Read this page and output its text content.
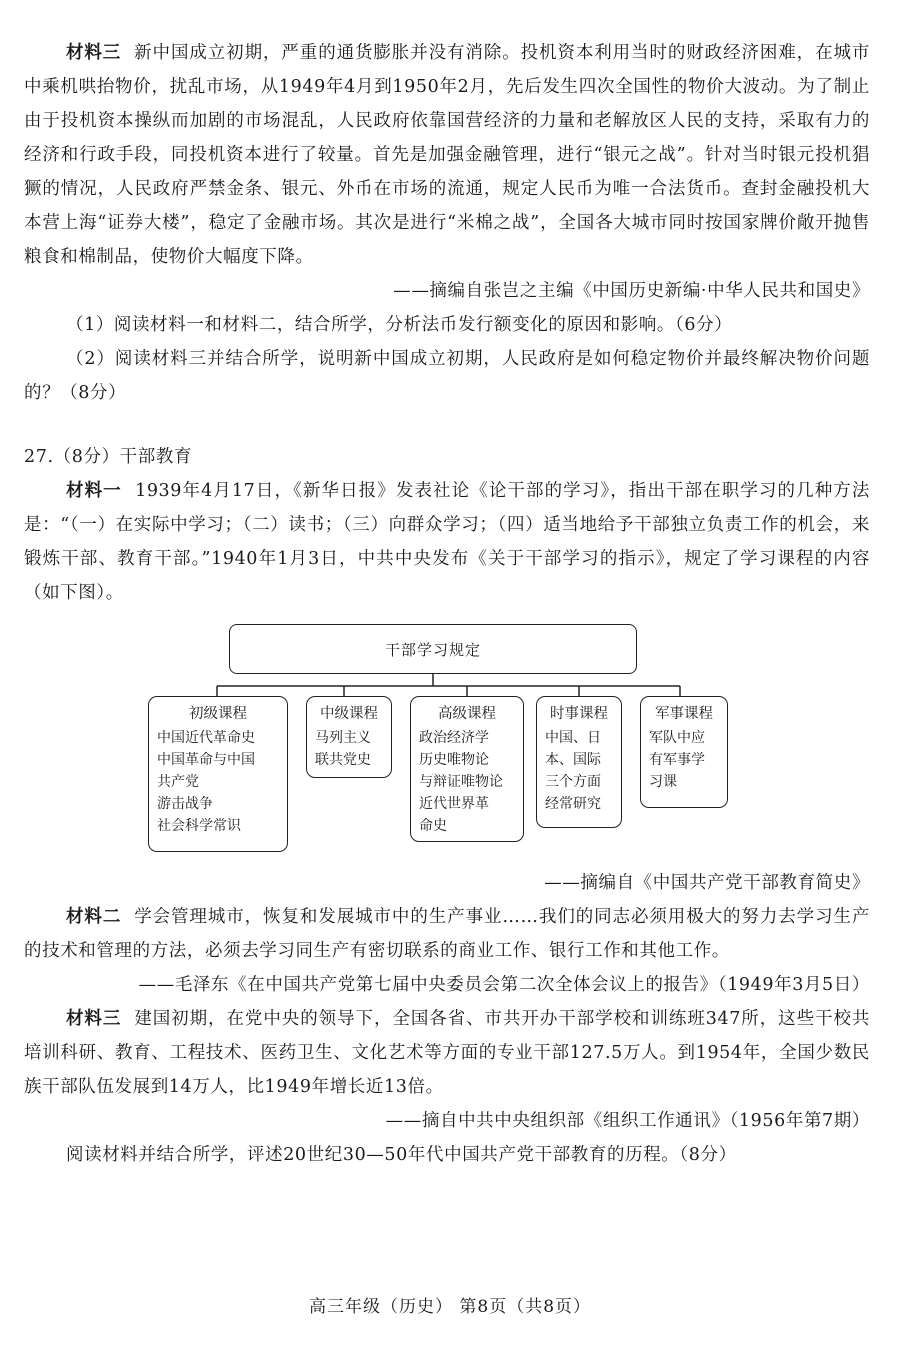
材料三 新中国成立初期，严重的通货膨胀并没有消除。投机资本利用当时的财政经济困难，在城市中乘机哄抬物价，扰乱市场，从1949年4月到1950年2月，先后发生四次全国性的物价大波动。为了制止由于投机资本操纵而加剧的市场混乱，人民政府依靠国营经济的力量和老解放区人民的支持，采取有力的经济和行政手段，同投机资本进行了较量。首先是加强金融管理，进行“银元之战”。针对当时银元投机猖獗的情况，人民政府严禁金条、银元、外币在市场的流通，规定人民币为唯一合法货币。查封金融投机大本营上海“证券大楼”，稳定了金融市场。其次是进行“米棉之战”，全国各大城市同时按国家牌价敞开抛售粮食和棉制品，使物价大幅度下降。

——摘编自张岂之主编《中国历史新编·中华人民共和国史》

（1）阅读材料一和材料二，结合所学，分析法币发行额变化的原因和影响。（6分）

（2）阅读材料三并结合所学，说明新中国成立初期，人民政府是如何稳定物价并最终解决物价问题的？（8分）

27.（8分）干部教育

材料一 1939年4月17日，《新华日报》发表社论《论干部的学习》，指出干部在职学习的几种方法是：“（一）在实际中学习；（二）读书；（三）向群众学习；（四）适当地给予干部独立负责工作的机会，来锻炼干部、教育干部。”1940年1月3日，中共中央发布《关于干部学习的指示》，规定了学习课程的内容（如下图）。

干部学习规定
初级课程
中国近代革命史
中国革命与中国
共产党
游击战争
社会科学常识
中级课程
马列主义
联共党史
高级课程
政治经济学
历史唯物论
与辩证唯物论
近代世界革
命史
时事课程
中国、日
本、国际
三个方面
经常研究
军事课程
军队中应
有军事学
习课
——摘编自《中国共产党干部教育简史》

材料二 学会管理城市，恢复和发展城市中的生产事业……我们的同志必须用极大的努力去学习生产的技术和管理的方法，必须去学习同生产有密切联系的商业工作、银行工作和其他工作。

——毛泽东《在中国共产党第七届中央委员会第二次全体会议上的报告》（1949年3月5日）

材料三 建国初期，在党中央的领导下，全国各省、市共开办干部学校和训练班347所，这些干校共培训科研、教育、工程技术、医药卫生、文化艺术等方面的专业干部127.5万人。到1954年，全国少数民族干部队伍发展到14万人，比1949年增长近13倍。

——摘自中共中央组织部《组织工作通讯》（1956年第7期）

阅读材料并结合所学，评述20世纪30—50年代中国共产党干部教育的历程。（8分）

高三年级（历史） 第8页（共8页）
